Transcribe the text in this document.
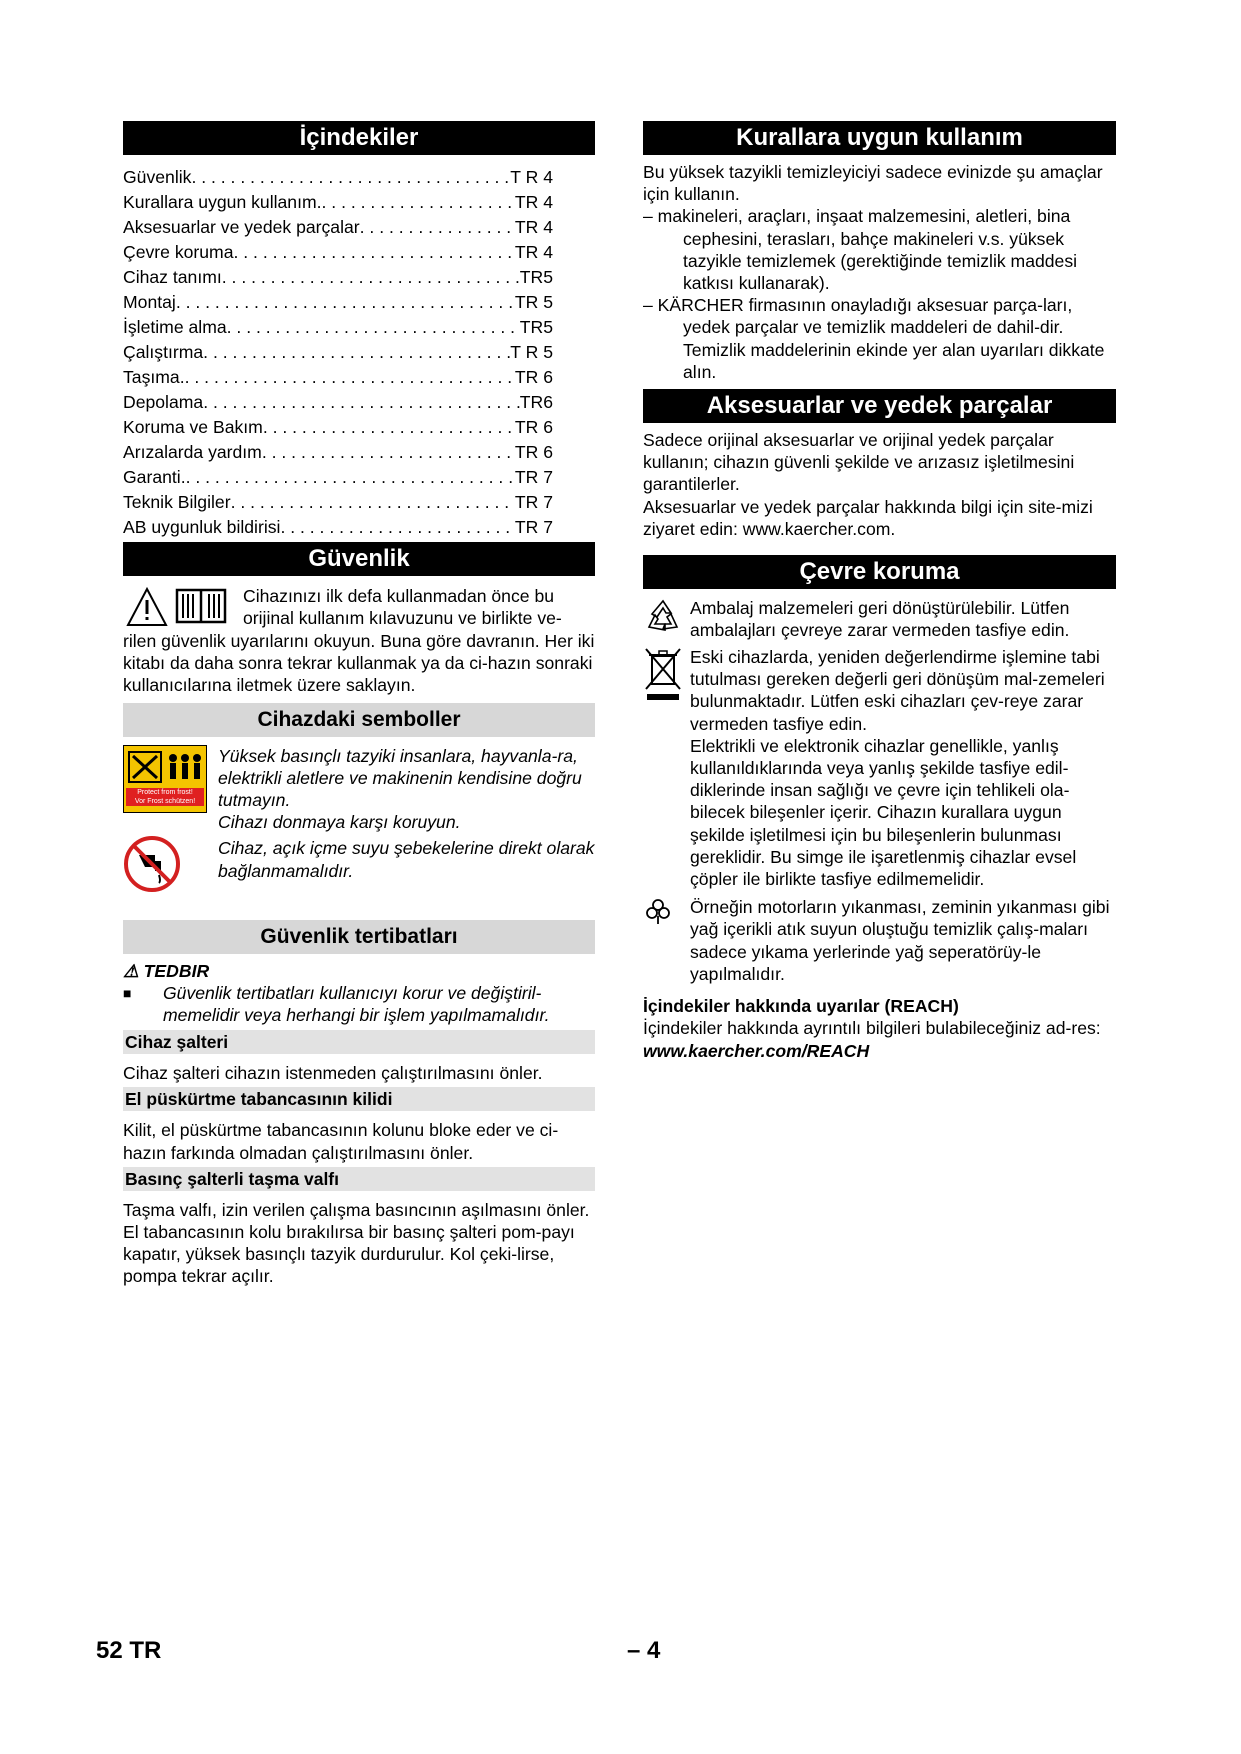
İçindekiler
Güvenlik . . .	T R 4
Kurallara uygun kullanım. . . .	TR 4
Aksesuarlar ve yedek parçalar . . .	TR 4
Çevre koruma . . .	TR 4
Cihaz tanımı . . .	TR5
Montaj . . .	TR 5
İşletime alma . . .	TR5
Çalıştırma . . .	T R 5
Taşıma. . . .	TR 6
Depolama . . .	TR6
Koruma ve Bakım . . .	TR 6
Arızalarda yardım . . .	TR 6
Garanti. . . .	TR 7
Teknik Bilgiler . . .	TR 7
AB uygunluk bildirisi . . .	TR 7
Güvenlik

Cihazınızı ilk defa kullanmadan önce bu orijinal kullanım kılavuzunu ve birlikte ve-

rilen güvenlik uyarılarını okuyun. Buna göre davranın. Her iki kitabı da daha sonra tekrar kullanmak ya da ci-hazın sonraki kullanıcılarına iletmek üzere saklayın.

Cihazdaki semboller
Protect from frost!
Vor Frost schützen!

Yüksek basınçlı tazyiki insanlara, hayvanla-ra, elektrikli aletlere ve makinenin kendisine doğru tutmayın.

Cihazı donmaya karşı koruyun.

Cihaz, açık içme suyu şebekelerine direkt olarak bağlanmamalıdır.

Güvenlik tertibatları
⚠ TEDBIR
■	Güvenlik tertibatları kullanıcıyı korur ve değiştiril-memelidir veya herhangi bir işlem yapılmamalıdır.

Cihaz şalteri

Cihaz şalteri cihazın istenmeden çalıştırılmasını önler.

El püskürtme tabancasının kilidi

Kilit, el püskürtme tabancasının kolunu bloke eder ve ci-hazın farkında olmadan çalıştırılmasını önler.

Basınç şalterli taşma valfı

Taşma valfı, izin verilen çalışma basıncının aşılmasını önler.

El tabancasının kolu bırakılırsa bir basınç şalteri pom-payı kapatır, yüksek basınçlı tazyik durdurulur. Kol çeki-lirse, pompa tekrar açılır.

Kurallara uygun kullanım

Bu yüksek tazyikli temizleyiciyi sadece evinizde şu amaçlar için kullanın.

– makineleri, araçları, inşaat malzemesini, aletleri, bina cephesini, terasları, bahçe makineleri v.s. yüksek tazyikle temizlemek (gerektiğinde temizlik maddesi katkısı kullanarak).

– KÄRCHER firmasının onayladığı aksesuar parça-ları, yedek parçalar ve temizlik maddeleri de dahil-dir. Temizlik maddelerinin ekinde yer alan uyarıları dikkate alın.

Aksesuarlar ve yedek parçalar

Sadece orijinal aksesuarlar ve orijinal yedek parçalar kullanın; cihazın güvenli şekilde ve arızasız işletilmesini garantilerler.

Aksesuarlar ve yedek parçalar hakkında bilgi için site-mizi ziyaret edin: www.kaercher.com.

Çevre koruma

Ambalaj malzemeleri geri dönüştürülebilir. Lütfen ambalajları çevreye zarar vermeden tasfiye edin.

Eski cihazlarda, yeniden değerlendirme işlemine tabi tutulması gereken değerli geri dönüşüm mal-zemeleri bulunmaktadır. Lütfen eski cihazları çev-reye zarar vermeden tasfiye edin.

Elektrikli ve elektronik cihazlar genellikle, yanlış kullanıldıklarında veya yanlış şekilde tasfiye edil-diklerinde insan sağlığı ve çevre için tehlikeli ola-bilecek bileşenler içerir. Cihazın kurallara uygun şekilde işletilmesi için bu bileşenlerin bulunması gereklidir. Bu simge ile işaretlenmiş cihazlar evsel çöpler ile birlikte tasfiye edilmemelidir.

Örneğin motorların yıkanması, zeminin yıkanması gibi yağ içerikli atık suyun oluştuğu temizlik çalış-maları sadece yıkama yerlerinde yağ seperatörüy-le yapılmalıdır.

İçindekiler hakkında uyarılar (REACH)

İçindekiler hakkında ayrıntılı bilgileri bulabileceğiniz ad-res:

www.kaercher.com/REACH

52 TR	– 4
